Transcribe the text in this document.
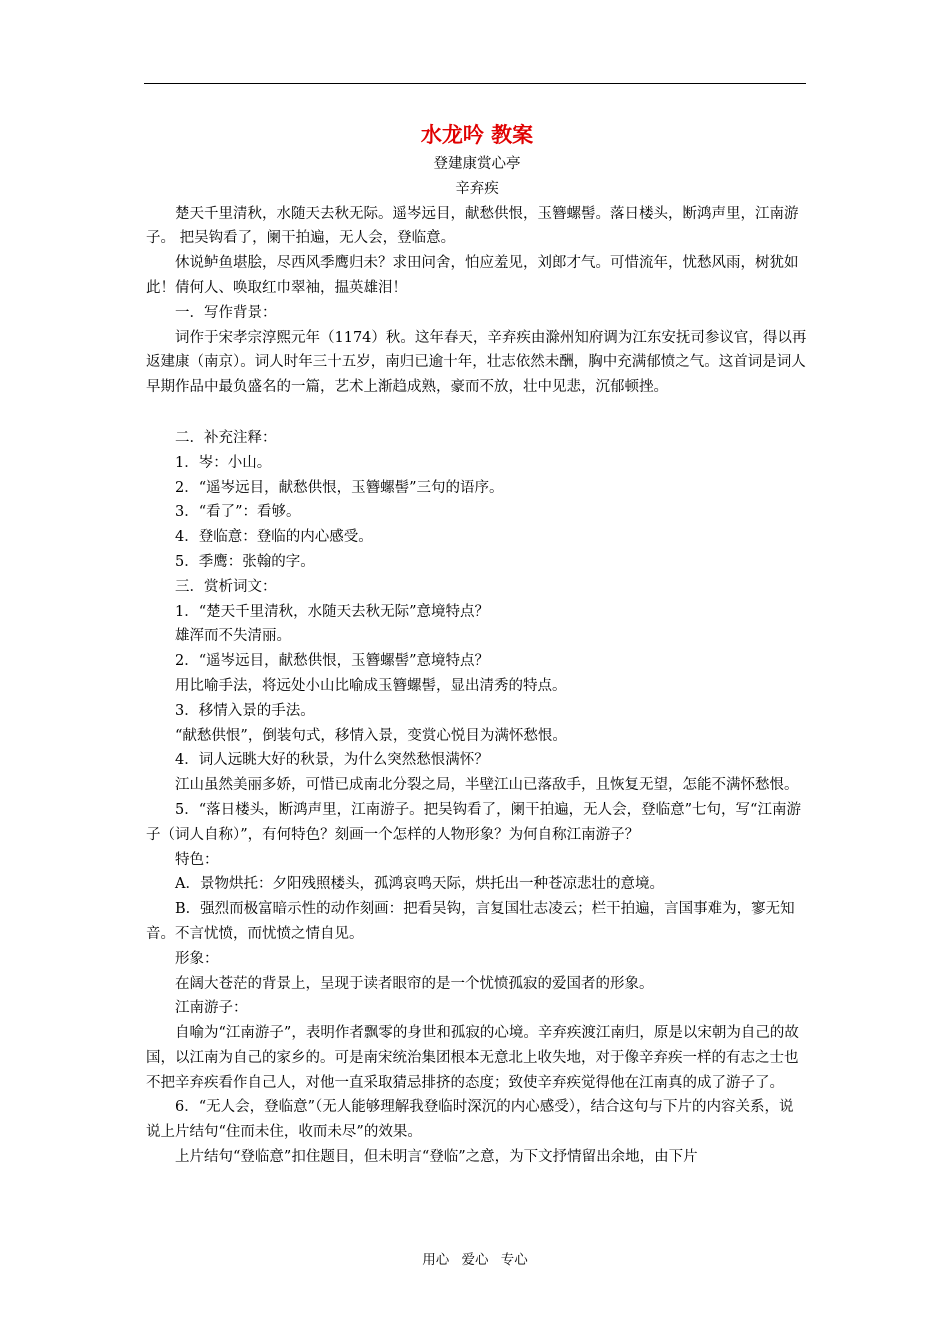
水龙吟 教案

登建康赏心亭

辛弃疾

楚天千里清秋，水随天去秋无际。遥岑远目，献愁供恨，玉簪螺髻。落日楼头，断鸿声里，江南游子。 把吴钩看了，阑干拍遍，无人会，登临意。

休说鲈鱼堪脍，尽西风季鹰归未？求田问舍，怕应羞见，刘郎才气。可惜流年，忧愁风雨，树犹如此！倩何人、唤取红巾翠袖，揾英雄泪！

一．写作背景：

词作于宋孝宗淳熙元年（1174）秋。这年春天，辛弃疾由滁州知府调为江东安抚司参议官，得以再返建康（南京）。词人时年三十五岁，南归已逾十年，壮志依然未酬，胸中充满郁愤之气。这首词是词人早期作品中最负盛名的一篇，艺术上渐趋成熟，豪而不放，壮中见悲，沉郁顿挫。

二．补充注释：

1．岑：小山。

2．“遥岑远目，献愁供恨，玉簪螺髻”三句的语序。

3．“看了”：看够。

4．登临意：登临的内心感受。

5．季鹰：张翰的字。

三．赏析词文：

1．“楚天千里清秋，水随天去秋无际”意境特点？

雄浑而不失清丽。

2．“遥岑远目，献愁供恨，玉簪螺髻”意境特点？

用比喻手法，将远处小山比喻成玉簪螺髻，显出清秀的特点。

3．移情入景的手法。

“献愁供恨”，倒装句式，移情入景，变赏心悦目为满怀愁恨。

4．词人远眺大好的秋景，为什么突然愁恨满怀？

江山虽然美丽多娇，可惜已成南北分裂之局，半壁江山已落敌手，且恢复无望，怎能不满怀愁恨。

5．“落日楼头，断鸿声里，江南游子。把吴钩看了，阑干拍遍，无人会，登临意”七句，写“江南游子（词人自称）”，有何特色？刻画一个怎样的人物形象？为何自称江南游子？

特色：

A．景物烘托：夕阳残照楼头，孤鸿哀鸣天际，烘托出一种苍凉悲壮的意境。

B．强烈而极富暗示性的动作刻画：把看吴钩，言复国壮志凌云；栏干拍遍，言国事难为，寥无知音。不言忧愤，而忧愤之情自见。

形象：

在阔大苍茫的背景上，呈现于读者眼帘的是一个忧愤孤寂的爱国者的形象。

江南游子：

自喻为“江南游子”，表明作者飘零的身世和孤寂的心境。辛弃疾渡江南归，原是以宋朝为自己的故国，以江南为自己的家乡的。可是南宋统治集团根本无意北上收失地，对于像辛弃疾一样的有志之士也不把辛弃疾看作自己人，对他一直采取猜忌排挤的态度；致使辛弃疾觉得他在江南真的成了游子了。

6．“无人会，登临意”（无人能够理解我登临时深沉的内心感受），结合这句与下片的内容关系，说说上片结句“住而未住，收而未尽”的效果。

上片结句“登临意”扣住题目，但未明言“登临”之意，为下文抒情留出余地，由下片

用心 爱心 专心
